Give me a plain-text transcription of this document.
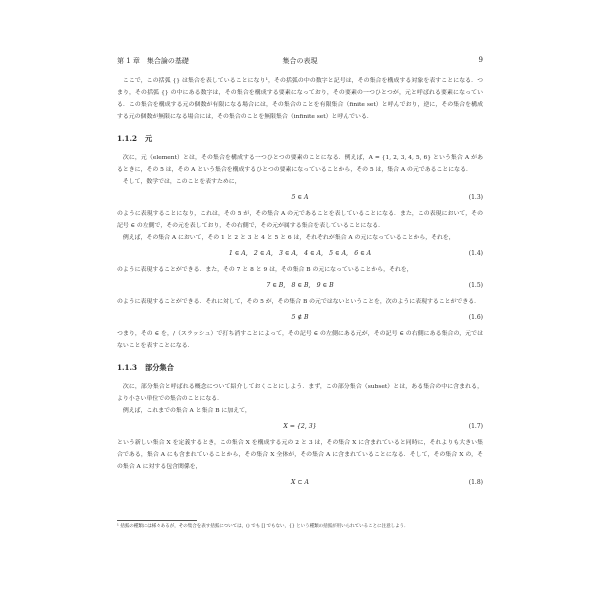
第 1 章　集合論の基礎	集合の表現	9

ここで，この括弧 {} は集合を表していることになり¹，その括弧の中の数字と記号は，その集合を構成する対象を表すことになる．つまり，その括弧 {} の中にある数字は，その集合を構成する要素になっており，その要素の一つひとつが，元と呼ばれる要素になっている．この集合を構成する元の個数が有限になる場合には，その集合のことを有限集合（finite set）と呼んでおり，逆に，その集合を構成する元の個数が無限になる場合には，その集合のことを無限集合（infinite set）と呼んでいる．

1.1.2 元

次に，元（element）とは，その集合を構成する一つひとつの要素のことになる．例えば，A = {1, 2, 3, 4, 5, 6} という集合 A があるときに，その 5 は，その A という集合を構成するひとつの要素になっていることから，その 5 は，集合 A の元であることになる．

そして，数学では，このことを表すために，

5 ∈ A	(1.3)

のように表現することになり，これは，その 5 が，その集合 A の元であることを表していることになる．また，この表現において，その記号 ∈ の左側で，その元を表しており，その右側で，その元が属する集合を表していることになる．

例えば，その集合 A において，その 1 と 2 と 3 と 4 と 5 と 6 は，それぞれが集合 A の元になっていることから，それを，

1 ∈ A,　2 ∈ A,　3 ∈ A,　4 ∈ A,　5 ∈ A,　6 ∈ A	(1.4)

のように表現することができる．また，その 7 と 8 と 9 は，その集合 B の元になっていることから，それを，

7 ∈ B,　8 ∈ B,　9 ∈ B	(1.5)

のように表現することができる．それに対して，その 5 が，その集合 B の元ではないということを，次のように表現することができる．

5 ∉ B	(1.6)

つまり，その ∈ を，/（スラッシュ）で打ち消すことによって，その記号 ∈ の左側にある元が，その記号 ∈ の右側にある集合の，元ではないことを表すことになる．

1.1.3 部分集合

次に，部分集合と呼ばれる概念について紹介しておくことにしよう．まず，この部分集合（subset）とは，ある集合の中に含まれる，より小さい単位での集合のことになる．

例えば，これまでの集合 A と集合 B に加えて，

X = {2, 3}	(1.7)

という新しい集合 X を定義するとき，この集合 X を構成する元の 2 と 3 は，その集合 X に含まれていると同時に，それよりも大きい集合である，集合 A にも含まれていることから，その集合 X 全体が，その集合 A に含まれていることになる．そして，その集合 X の，その集合 A に対する包含関係を，

X ⊂ A	(1.8)
¹ 括弧の種類には様々あるが，その集合を表す括弧については，() でも [] でもない，{} という種類の括弧が用いられていることに注意しよう．
